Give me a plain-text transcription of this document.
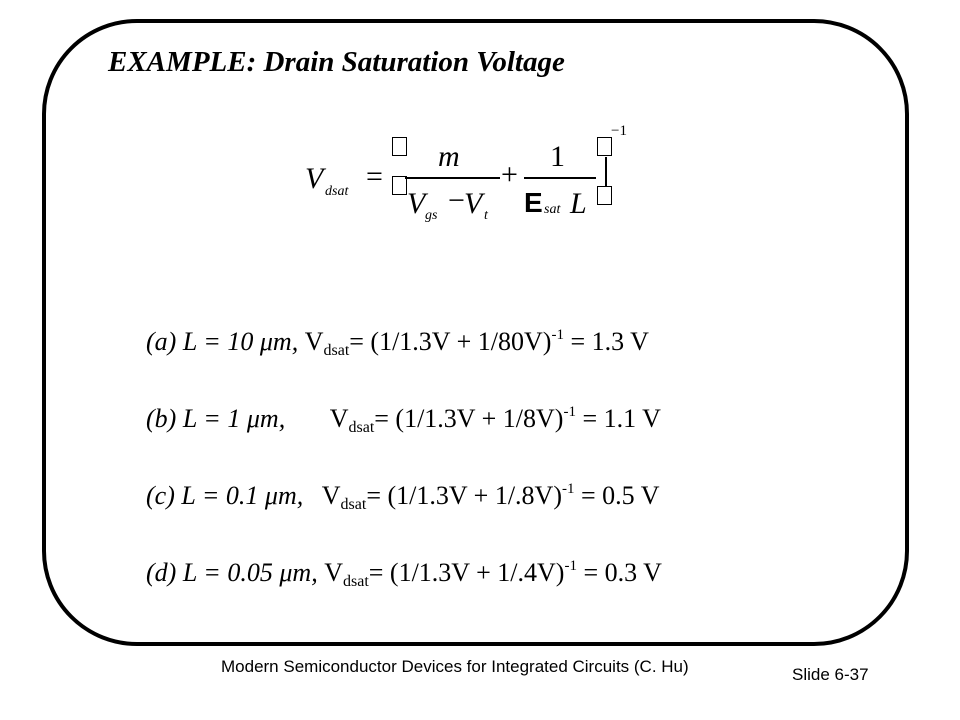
EXAMPLE: Drain Saturation Voltage
V dsat =
m
V gs − V t
+
1
E sat L
−1
(a) L = 10 μm, $V_{dsat}= (1/1.3V + 1/80V)^{-1} = 1.3$ V
(b) L = 1 μm, $V_{dsat}= (1/1.3V + 1/8V)^{-1} = 1.1$ V
(c) L = 0.1 μm, $V_{dsat}= (1/1.3V + 1/.8V)^{-1} = 0.5$ V
(d) L = 0.05 μm, $V_{dsat}= (1/1.3V + 1/.4V)^{-1} = 0.3$ V
Modern Semiconductor Devices for Integrated Circuits (C. Hu)	Slide 6-37
